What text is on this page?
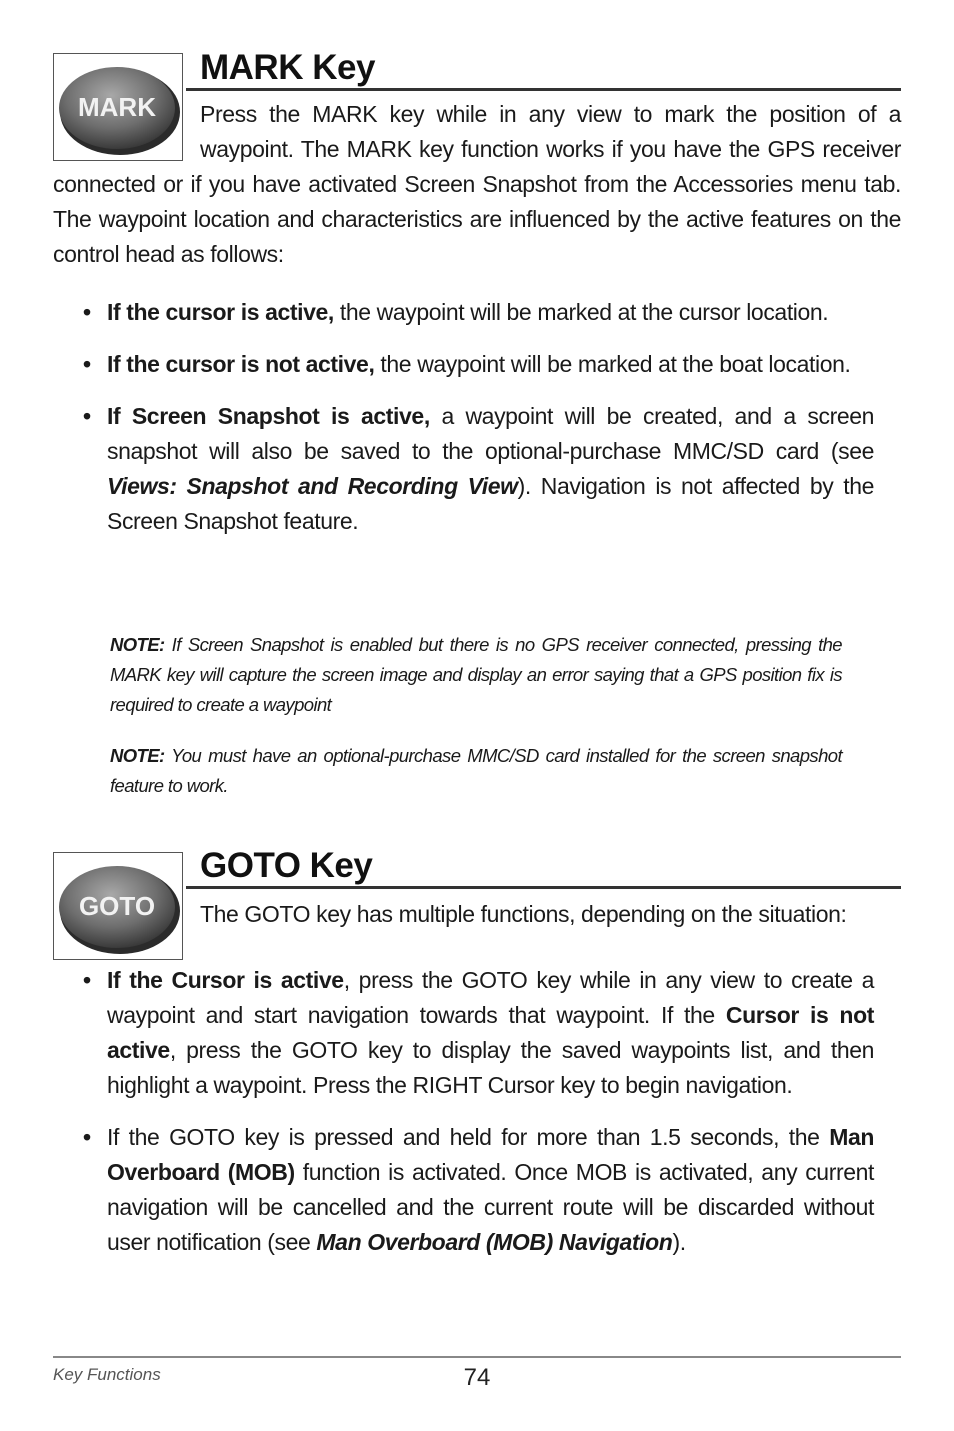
MARK
MARK Key

Press the MARK key while in any view to mark the position of a waypoint. The MARK key function works if you have the GPS receiver connected or if you have activated Screen Snapshot from the Accessories menu tab. The waypoint location and characteristics are influenced by the active features on the control head as follows:

• If the cursor is active, the waypoint will be marked at the cursor location.

• If the cursor is not active, the waypoint will be marked at the boat location.

• If Screen Snapshot is active, a waypoint will be created, and a screen snapshot will also be saved to the optional-purchase MMC/SD card (see Views: Snapshot and Recording View). Navigation is not affected by the Screen Snapshot feature.

NOTE: If Screen Snapshot is enabled but there is no GPS receiver connected, pressing the MARK key will capture the screen image and display an error saying that a GPS position fix is required to create a waypoint

NOTE: You must have an optional-purchase MMC/SD card installed for the screen snapshot feature to work.

GOTO
GOTO Key

The GOTO key has multiple functions, depending on the situation:

• If the Cursor is active, press the GOTO key while in any view to create a waypoint and start navigation towards that waypoint. If the Cursor is not active, press the GOTO key to display the saved waypoints list, and then highlight a waypoint. Press the RIGHT Cursor key to begin navigation.

• If the GOTO key is pressed and held for more than 1.5 seconds, the Man Overboard (MOB) function is activated. Once MOB is activated, any current navigation will be cancelled and the current route will be discarded without user notification (see Man Overboard (MOB) Navigation).

Key Functions	74
